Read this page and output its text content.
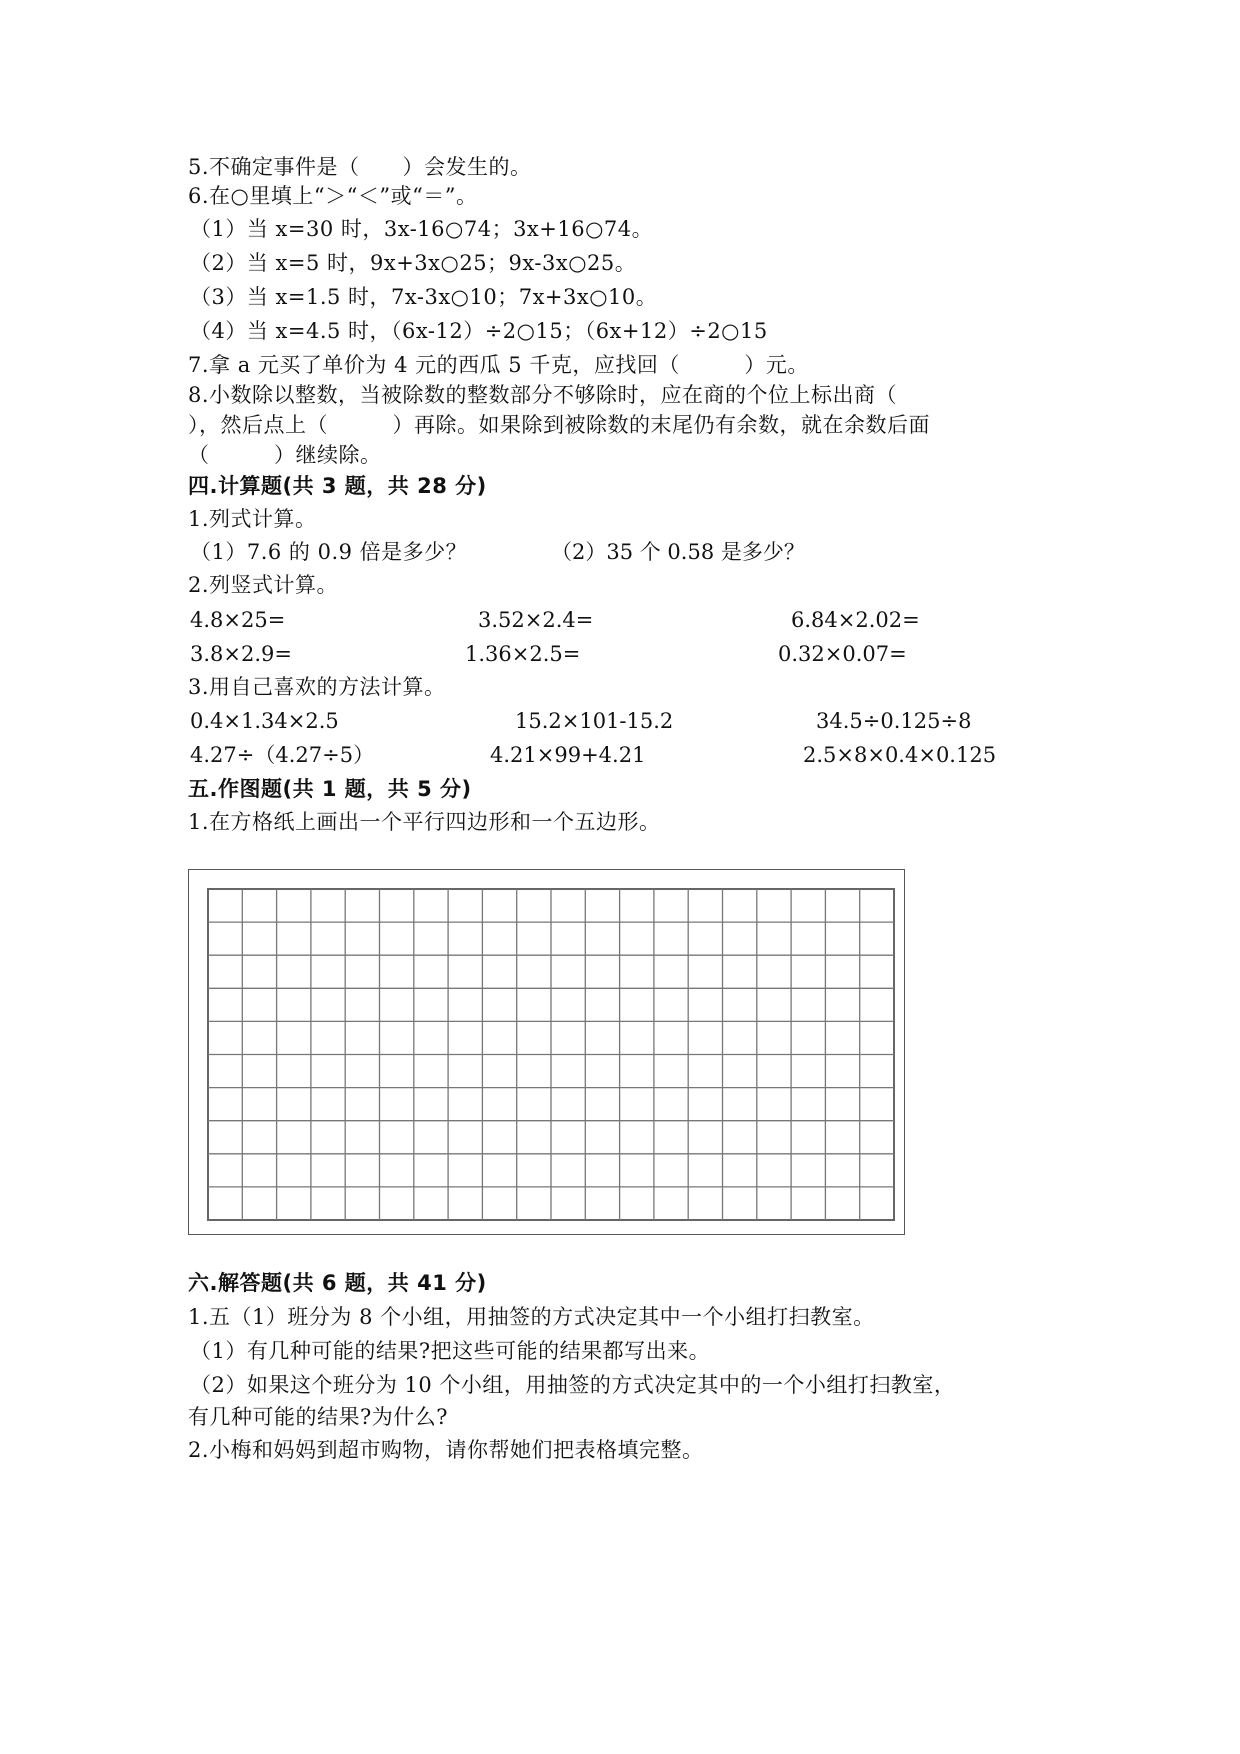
5.不确定事件是（　　）会发生的。
6.在○里填上“＞“＜”或“＝”。
（1）当 x=30 时，3x-16○74；3x+16○74。
（2）当 x=5 时，9x+3x○25；9x-3x○25。
（3）当 x=1.5 时，7x-3x○10；7x+3x○10。
（4）当 x=4.5 时，（6x-12）÷2○15；（6x+12）÷2○15
7.拿 a 元买了单价为 4 元的西瓜 5 千克，应找回（　　　）元。
8.小数除以整数，当被除数的整数部分不够除时，应在商的个位上标出商（
），然后点上（　　　）再除。如果除到被除数的末尾仍有余数，就在余数后面
（　　　）继续除。
四.计算题(共 3 题，共 28 分)
1.列式计算。
（1）7.6 的 0.9 倍是多少？	（2）35 个 0.58 是多少？
2.列竖式计算。
4.8×25=	3.52×2.4=	6.84×2.02=
3.8×2.9=	1.36×2.5=	0.32×0.07=
3.用自己喜欢的方法计算。
0.4×1.34×2.5	15.2×101-15.2	34.5÷0.125÷8
4.27÷（4.27÷5）	4.21×99+4.21	2.5×8×0.4×0.125
五.作图题(共 1 题，共 5 分)
1.在方格纸上画出一个平行四边形和一个五边形。
六.解答题(共 6 题，共 41 分)
1.五（1）班分为 8 个小组，用抽签的方式决定其中一个小组打扫教室。
（1）有几种可能的结果?把这些可能的结果都写出来。
（2）如果这个班分为 10 个小组，用抽签的方式决定其中的一个小组打扫教室，
有几种可能的结果?为什么?
2.小梅和妈妈到超市购物，请你帮她们把表格填完整。
